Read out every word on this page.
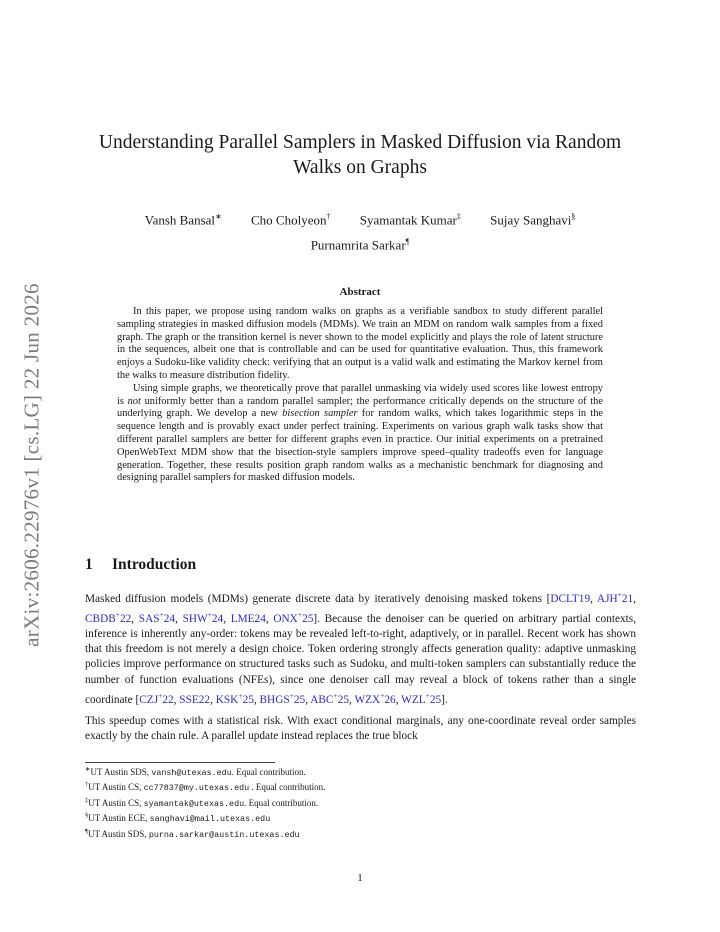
arXiv:2606.22976v1 [cs.LG] 22 Jun 2026
Understanding Parallel Samplers in Masked Diffusion via Random
Walks on Graphs
Vansh Bansal∗ Cho Cholyeon† Syamantak Kumar‡ Sujay Sanghavi§
Purnamrita Sarkar¶
Abstract

In this paper, we propose using random walks on graphs as a verifiable sandbox to study different parallel sampling strategies in masked diffusion models (MDMs). We train an MDM on random walk samples from a fixed graph. The graph or the transition kernel is never shown to the model explicitly and plays the role of latent structure in the sequences, albeit one that is controllable and can be used for quantitative evaluation. Thus, this framework enjoys a Sudoku-like validity check: verifying that an output is a valid walk and estimating the Markov kernel from the walks to measure distribution fidelity.

Using simple graphs, we theoretically prove that parallel unmasking via widely used scores like lowest entropy is not uniformly better than a random parallel sampler; the performance critically depends on the structure of the underlying graph. We develop a new bisection sampler for random walks, which takes logarithmic steps in the sequence length and is provably exact under perfect training. Experiments on various graph walk tasks show that different parallel samplers are better for different graphs even in practice. Our initial experiments on a pretrained OpenWebText MDM show that the bisection-style samplers improve speed–quality tradeoffs even for language generation. Together, these results position graph random walks as a mechanistic benchmark for diagnosing and designing parallel samplers for masked diffusion models.

1 Introduction

Masked diffusion models (MDMs) generate discrete data by iteratively denoising masked tokens [DCLT19, AJH+21, CBDB+22, SAS+24, SHW+24, LME24, ONX+25]. Because the denoiser can be queried on arbitrary partial contexts, inference is inherently any-order: tokens may be revealed left-to-right, adaptively, or in parallel. Recent work has shown that this freedom is not merely a design choice. Token ordering strongly affects generation quality: adaptive unmasking policies improve performance on structured tasks such as Sudoku, and multi-token samplers can substantially reduce the number of function evaluations (NFEs), since one denoiser call may reveal a block of tokens rather than a single coordinate [CZJ+22, SSE22, KSK+25, BHGS+25, ABC+25, WZX+26, WZL+25].

This speedup comes with a statistical risk. With exact conditional marginals, any one-coordinate reveal order samples exactly by the chain rule. A parallel update instead replaces the true block

∗UT Austin SDS, vansh@utexas.edu. Equal contribution.
†UT Austin CS, cc77837@my.utexas.edu . Equal contribution.
‡UT Austin CS, syamantak@utexas.edu. Equal contribution.
§UT Austin ECE, sanghavi@mail.utexas.edu
¶UT Austin SDS, purna.sarkar@austin.utexas.edu
1
